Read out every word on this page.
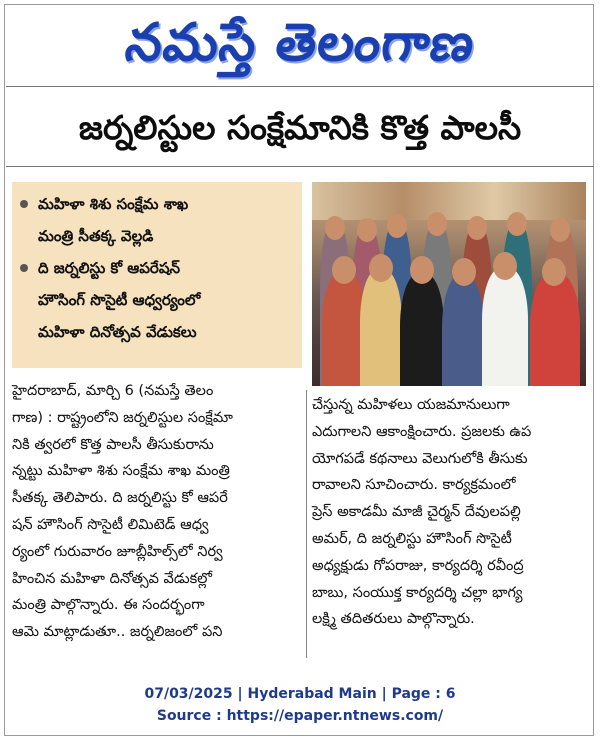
నమస్తే తెలంగాణ
జర్నలిస్టుల సంక్షేమానికి కొత్త పాలసీ
మహిళా శిశు సంక్షేమ శాఖ
మంత్రి సీతక్క వెల్లడి
ది జర్నలిస్టు కో ఆపరేషన్
హౌసింగ్ సొసైటీ ఆధ్వర్యంలో
మహిళా దినోత్సవ వేడుకలు
హైదరాబాద్, మార్చి 6 (నమస్తే తెలం
గాణ) : రాష్ట్రంలోని జర్నలిస్టుల సంక్షేమా
నికి త్వరలో కొత్త పాలసీ తీసుకురాను
న్నట్టు మహిళా శిశు సంక్షేమ శాఖ మంత్రి
సీతక్క తెలిపారు. ది జర్నలిస్టు కో ఆపరే
షన్ హౌసింగ్ సొసైటీ లిమిటెడ్ ఆధ్వ
ర్యంలో గురువారం జూబ్లీహిల్స్‌లో నిర్వ
హించిన మహిళా దినోత్సవ వేడుకల్లో
మంత్రి పాల్గొన్నారు. ఈ సందర్భంగా
ఆమె మాట్లాడుతూ.. జర్నలిజంలో పని
చేస్తున్న మహిళలు యజమానులుగా
ఎదుగాలని ఆకాంక్షించారు. ప్రజలకు ఉప
యోగపడే కథనాలు వెలుగులోకి తీసుకు
రావాలని సూచించారు. కార్యక్రమంలో
ప్రెస్ అకాడమీ మాజీ చైర్మన్ దేవులపల్లి
అమర్, ది జర్నలిస్టు హౌసింగ్ సొసైటీ
అధ్యక్షుడు గోపరాజు, కార్యదర్శి రవీంద్ర
బాబు, సంయుక్త కార్యదర్శి చల్లా భాగ్య
లక్ష్మి తదితరులు పాల్గొన్నారు.
07/03/2025 | Hyderabad Main | Page : 6
Source : https://epaper.ntnews.com/
